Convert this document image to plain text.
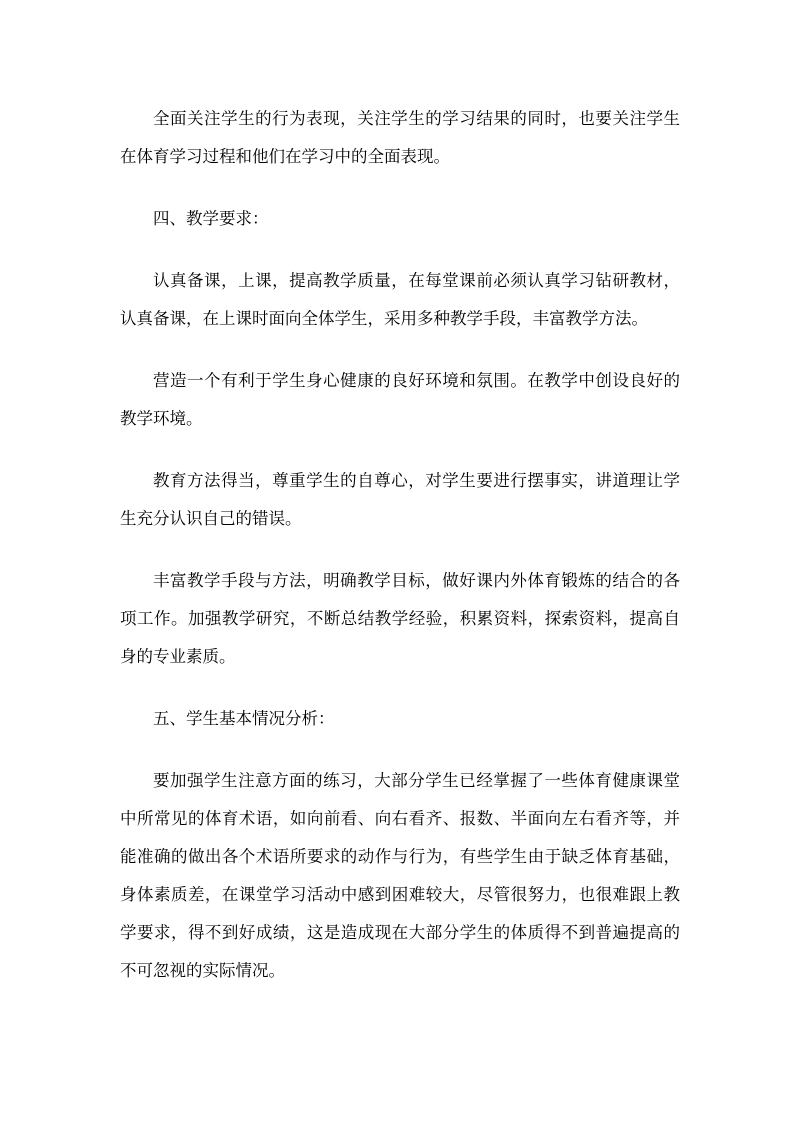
全面关注学生的行为表现，关注学生的学习结果的同时，也要关注学生在体育学习过程和他们在学习中的全面表现。

四、教学要求：

认真备课，上课，提高教学质量，在每堂课前必须认真学习钻研教材，认真备课，在上课时面向全体学生，采用多种教学手段，丰富教学方法。

营造一个有利于学生身心健康的良好环境和氛围。在教学中创设良好的教学环境。

教育方法得当，尊重学生的自尊心，对学生要进行摆事实，讲道理让学生充分认识自己的错误。

丰富教学手段与方法，明确教学目标，做好课内外体育锻炼的结合的各项工作。加强教学研究，不断总结教学经验，积累资料，探索资料，提高自身的专业素质。

五、学生基本情况分析：

要加强学生注意方面的练习，大部分学生已经掌握了一些体育健康课堂中所常见的体育术语，如向前看、向右看齐、报数、半面向左右看齐等，并能准确的做出各个术语所要求的动作与行为，有些学生由于缺乏体育基础，身体素质差，在课堂学习活动中感到困难较大，尽管很努力，也很难跟上教学要求，得不到好成绩，这是造成现在大部分学生的体质得不到普遍提高的不可忽视的实际情况。
